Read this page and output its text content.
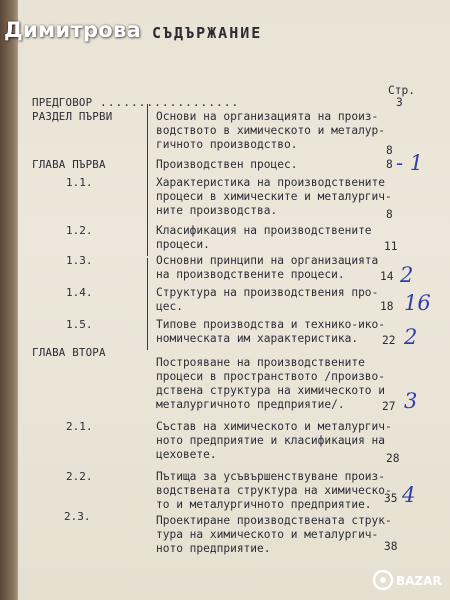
Димитрова СЪДЪРЖАНИЕ
Стр.
ПРЕДГОВОР ..................	3
РАЗДЕЛ ПЪРВИ	Основи на организацията на произ-
водството в химическото и металур-
гичното производство.	8
ГЛАВА ПЪРВА	Производствен процес.	8 - 1
1.1.	Характеристика на производствените
процеси в химическите и металургич-
ните производства.	8
1.2.	Класификация на производствените
процеси.	11
1.3.	Основни принципи на организацията
на производствените процеси.	14 2
1.4.	Структура на производствения про-
цес.	18 16
1.5.	Типове производства и технико-ико-
номическата им характеристика. 22 2
ГЛАВА ВТОРА
Построяване на производствените
процеси в пространството /произво-
дствена структура на химическото и
металургичното предприятие/.	27 3
2.1.	Състав на химическото и металургич-
ното предприятие и класификация на
цеховете.	28
2.2.	Пътища за усъвършенствуване произ-
водствената структура на химическо-
то и металургичното предприятие. 35 4
2.3.	Проектиране производствената струк-
тура на химическото и металургич-
ното предприятие.	38
BAZAR
